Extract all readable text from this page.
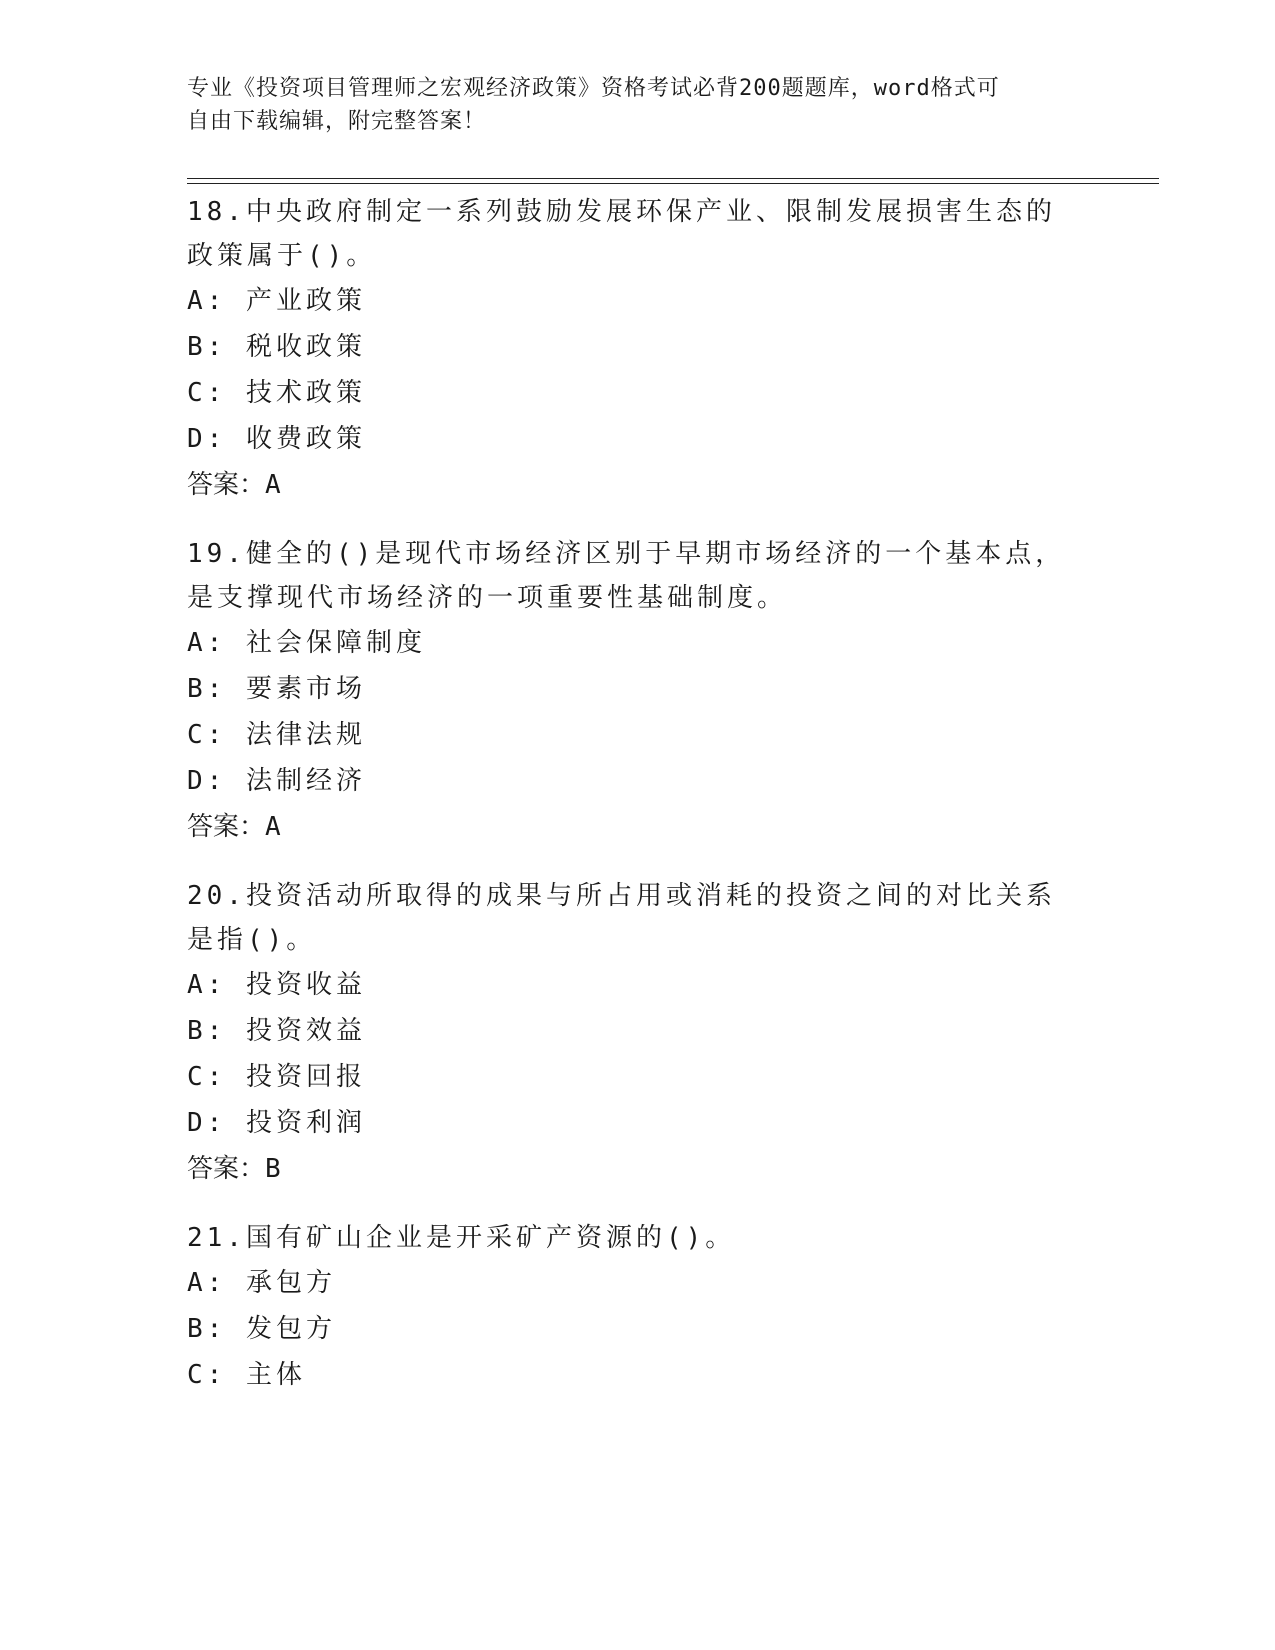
专业《投资项目管理师之宏观经济政策》资格考试必背200题题库，word格式可
自由下载编辑，附完整答案！

18.中央政府制定一系列鼓励发展环保产业、限制发展损害生态的政策属于()。

A: 产业政策

B: 税收政策

C: 技术政策

D: 收费政策

答案：A

19.健全的()是现代市场经济区别于早期市场经济的一个基本点，是支撑现代市场经济的一项重要性基础制度。

A: 社会保障制度

B: 要素市场

C: 法律法规

D: 法制经济

答案：A

20.投资活动所取得的成果与所占用或消耗的投资之间的对比关系是指()。

A: 投资收益

B: 投资效益

C: 投资回报

D: 投资利润

答案：B

21.国有矿山企业是开采矿产资源的()。

A: 承包方

B: 发包方

C: 主体
